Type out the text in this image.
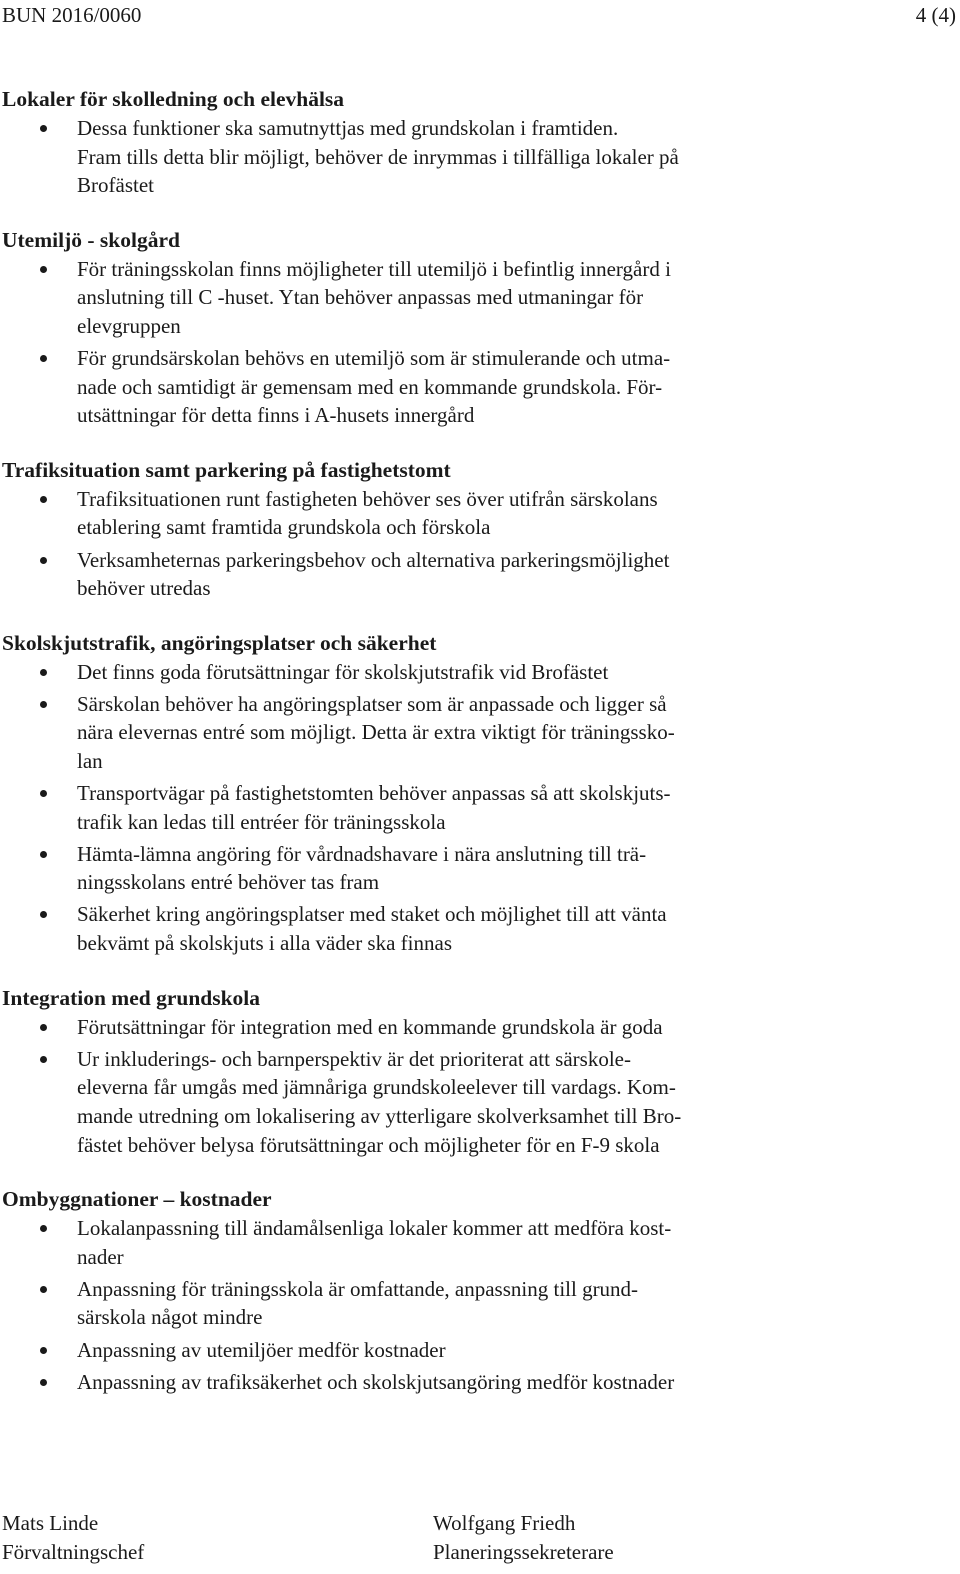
BUN 2016/0060	4 (4)
Lokaler för skolledning och elevhälsa
Dessa funktioner ska samutnyttjas med grundskolan i framtiden.
Fram tills detta blir möjligt, behöver de inrymmas i tillfälliga lokaler på
Brofästet
Utemiljö - skolgård
För träningsskolan finns möjligheter till utemiljö i befintlig innergård i
anslutning till C -huset. Ytan behöver anpassas med utmaningar för
elevgruppen
För grundsärskolan behövs en utemiljö som är stimulerande och utma-
nade och samtidigt är gemensam med en kommande grundskola. För-
utsättningar för detta finns i A-husets innergård
Trafiksituation samt parkering på fastighetstomt
Trafiksituationen runt fastigheten behöver ses över utifrån särskolans
etablering samt framtida grundskola och förskola
Verksamheternas parkeringsbehov och alternativa parkeringsmöjlighet
behöver utredas
Skolskjutstrafik, angöringsplatser och säkerhet
Det finns goda förutsättningar för skolskjutstrafik vid Brofästet
Särskolan behöver ha angöringsplatser som är anpassade och ligger så
nära elevernas entré som möjligt. Detta är extra viktigt för träningssko-
lan
Transportvägar på fastighetstomten behöver anpassas så att skolskjuts-
trafik kan ledas till entréer för träningsskola
Hämta-lämna angöring för vårdnadshavare i nära anslutning till trä-
ningsskolans entré behöver tas fram
Säkerhet kring angöringsplatser med staket och möjlighet till att vänta
bekvämt på skolskjuts i alla väder ska finnas
Integration med grundskola
Förutsättningar för integration med en kommande grundskola är goda
Ur inkluderings- och barnperspektiv är det prioriterat att särskole-
eleverna får umgås med jämnåriga grundskoleelever till vardags. Kom-
mande utredning om lokalisering av ytterligare skolverksamhet till Bro-
fästet behöver belysa förutsättningar och möjligheter för en F-9 skola
Ombyggnationer – kostnader
Lokalanpassning till ändamålsenliga lokaler kommer att medföra kost-
nader
Anpassning för träningsskola är omfattande, anpassning till grund-
särskola något mindre
Anpassning av utemiljöer medför kostnader
Anpassning av trafiksäkerhet och skolskjutsangöring medför kostnader
Mats Linde
Förvaltningschef
Wolfgang Friedh
Planeringssekreterare
